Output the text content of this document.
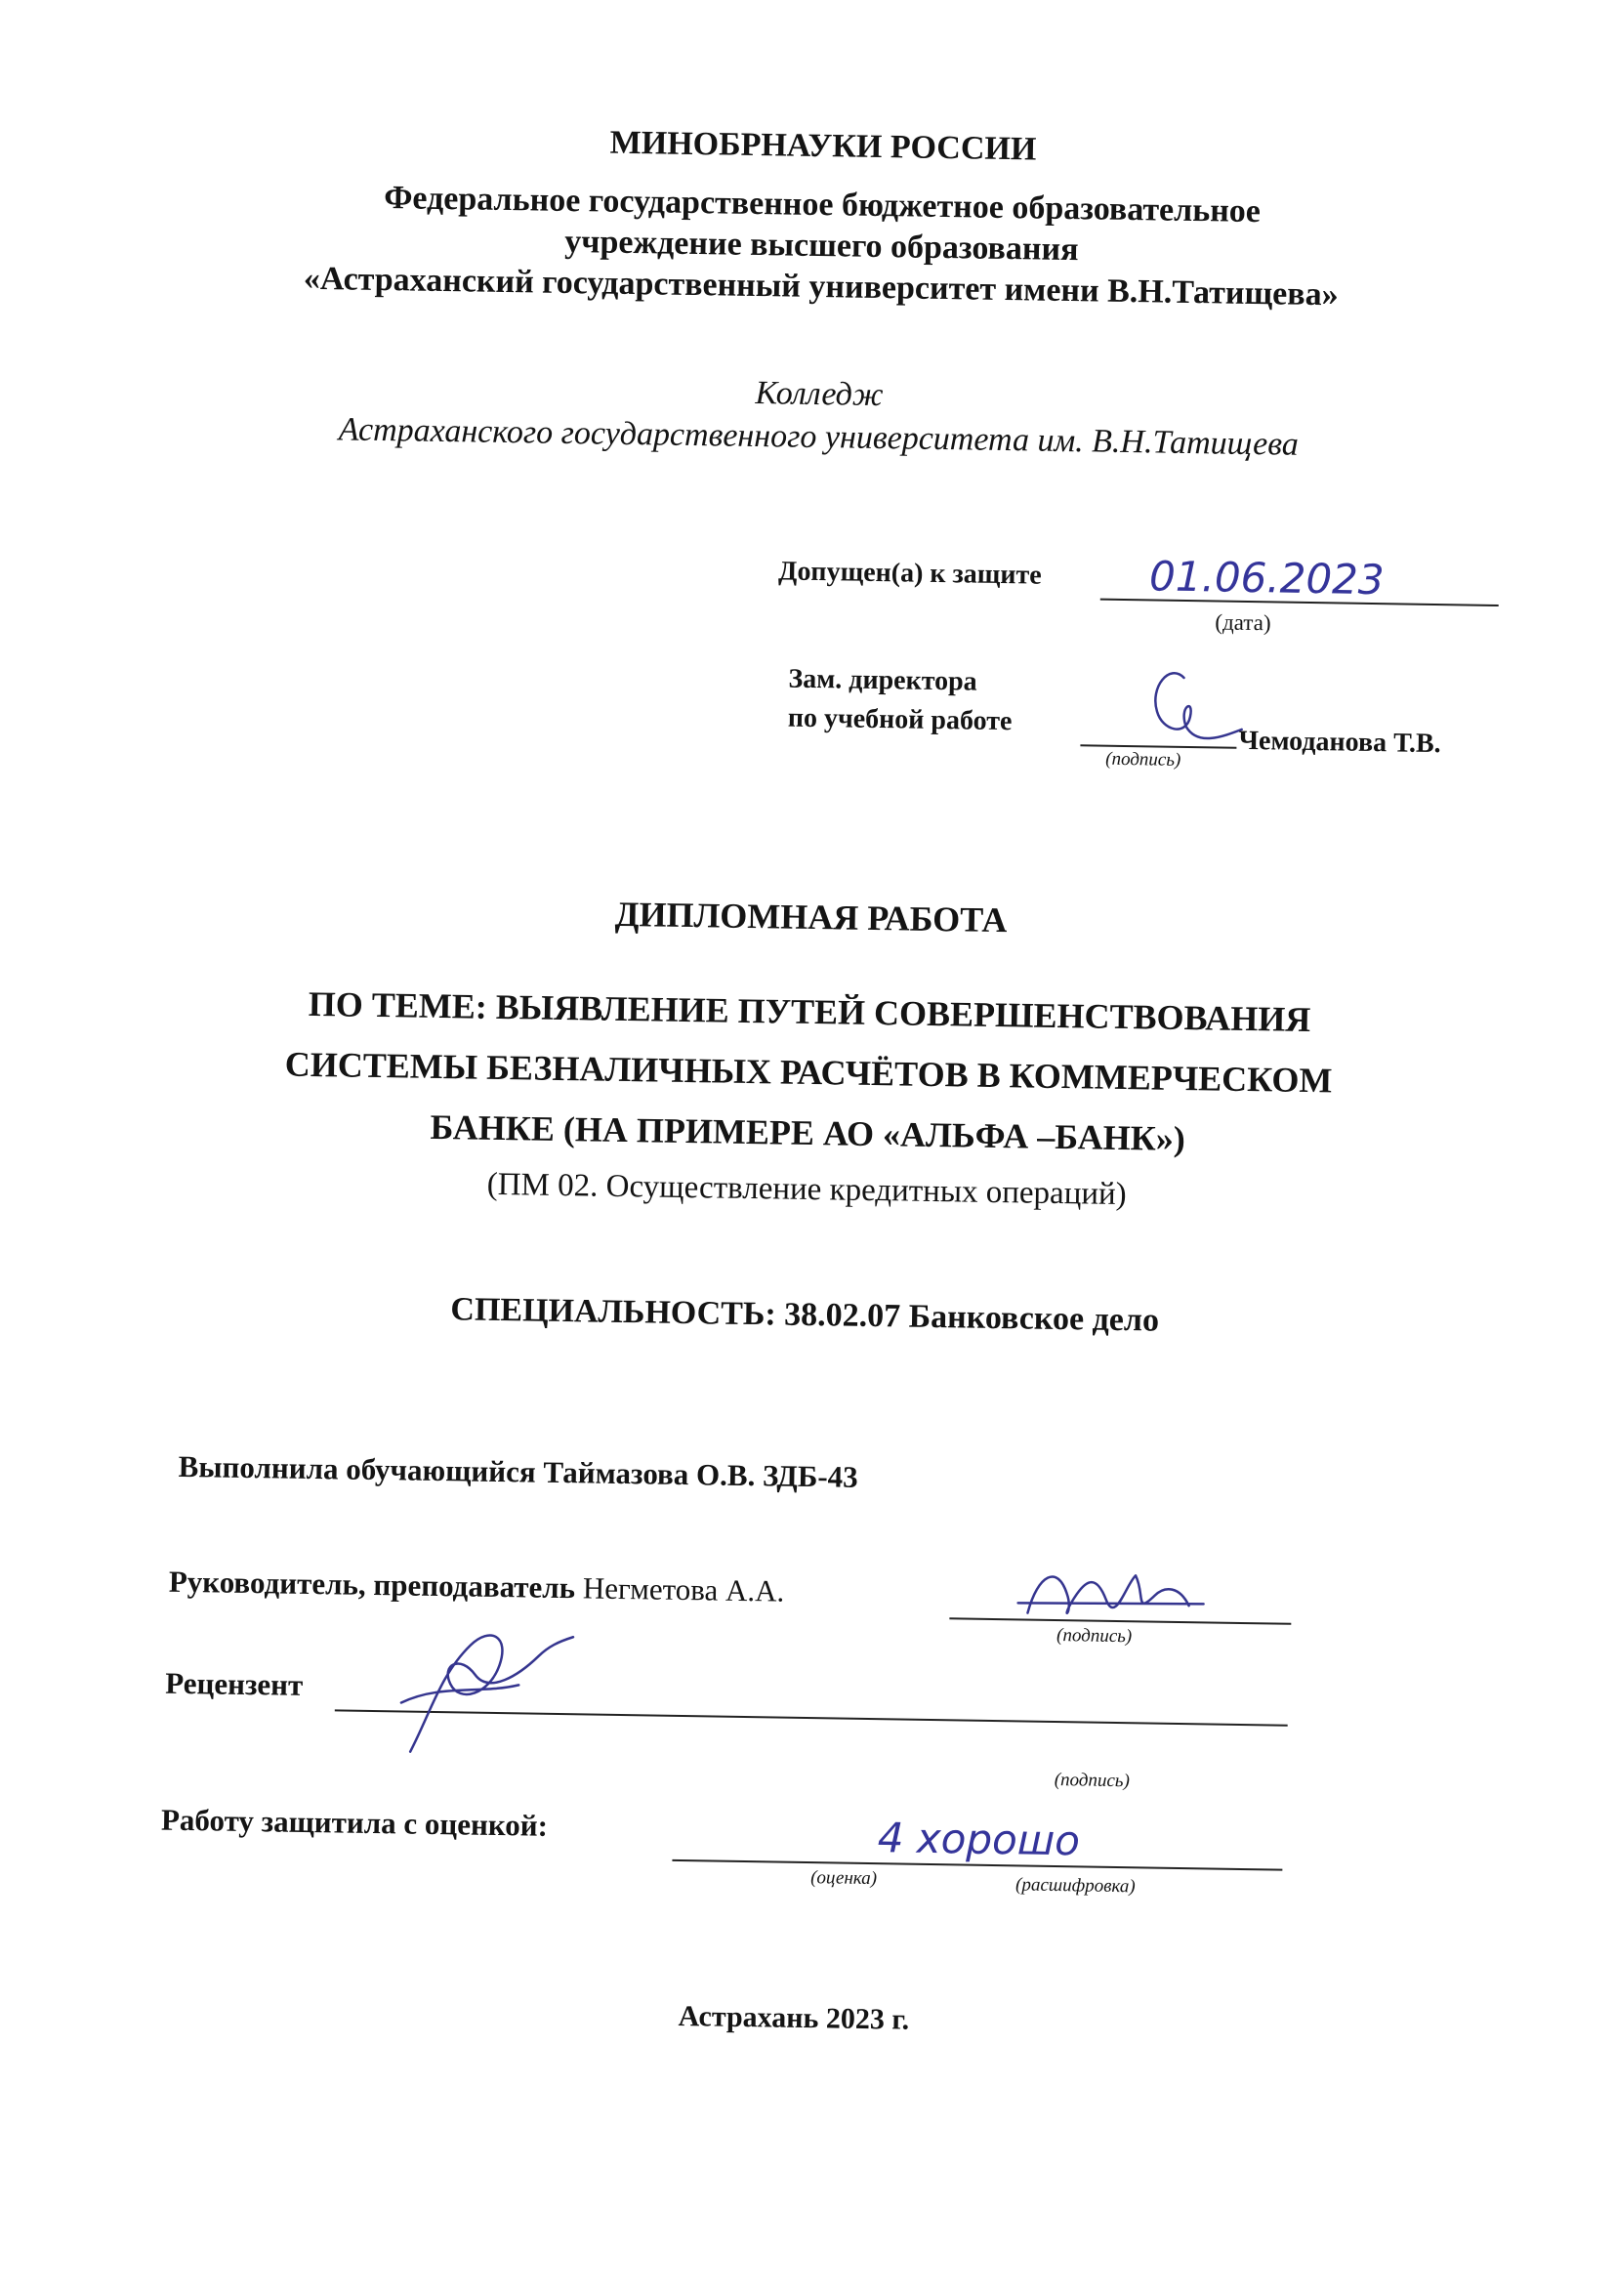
МИНОБРНАУКИ РОССИИ
Федеральное государственное бюджетное образовательное
учреждение высшего образования
«Астраханский государственный университет имени В.Н.Татищева»
Колледж
Астраханского государственного университета им. В.Н.Татищева
Допущен(а) к защите	01.06.2023
(дата)
Зам. директора
по учебной работе
(подпись)
Чемоданова Т.В.
ДИПЛОМНАЯ РАБОТА
ПО ТЕМЕ: ВЫЯВЛЕНИЕ ПУТЕЙ СОВЕРШЕНСТВОВАНИЯ
СИСТЕМЫ БЕЗНАЛИЧНЫХ РАСЧЁТОВ В КОММЕРЧЕСКОМ
БАНКЕ (НА ПРИМЕРЕ АО «АЛЬФА –БАНК»)
(ПМ 02. Осуществление кредитных операций)
СПЕЦИАЛЬНОСТЬ: 38.02.07 Банковское дело
Выполнила обучающийся Таймазова О.В. ЗДБ-43
Руководитель, преподаватель Негметова А.А.
(подпись)
Рецензент
(подпись)
Работу защитила с оценкой:	4 хорошо
(оценка)	(расшифровка)
Астрахань 2023 г.
